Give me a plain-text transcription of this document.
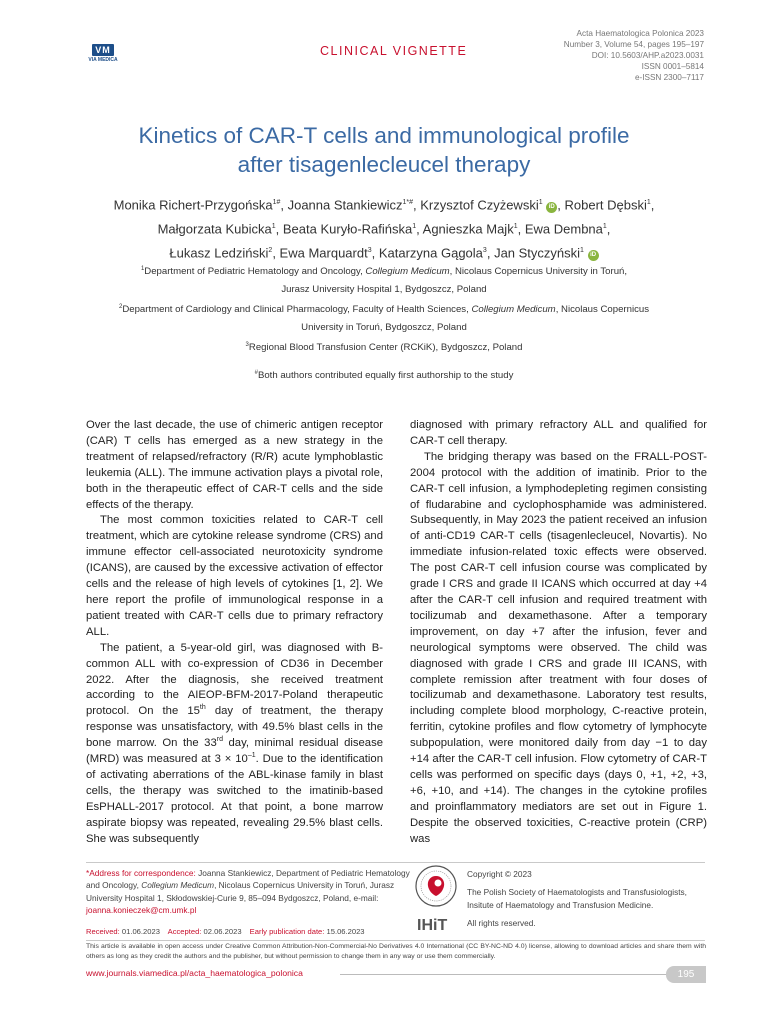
VM
VIA MEDICA
CLINICAL VIGNETTE
Acta Haematologica Polonica 2023
Number 3, Volume 54, pages 195–197
DOI: 10.5603/AHP.a2023.0031
ISSN 0001–5814
e-ISSN 2300–7117
Kinetics of CAR-T cells and immunological profile
after tisagenlecleucel therapy
Monika Richert-Przygońska$^{1\#}$, Joanna Stankiewicz$^{1*\#}$, Krzysztof Czyżewski$^1$ iD , Robert Dębski$^1$,
Małgorzata Kubicka$^1$, Beata Kuryło-Rafińska$^1$, Agnieszka Majk$^1$, Ewa Dembna$^1$,
Łukasz Ledziński$^2$, Ewa Marquardt$^3$, Katarzyna Gągola$^3$, Jan Styczyński$^1$ iD
$^1$Department of Pediatric Hematology and Oncology, Collegium Medicum, Nicolaus Copernicus University in Toruń,
Jurasz University Hospital 1, Bydgoszcz, Poland
$^2$Department of Cardiology and Clinical Pharmacology, Faculty of Health Sciences, Collegium Medicum, Nicolaus Copernicus
University in Toruń, Bydgoszcz, Poland
$^3$Regional Blood Transfusion Center (RCKiK), Bydgoszcz, Poland
#Both authors contributed equally first authorship to the study

Over the last decade, the use of chimeric antigen receptor (CAR) T cells has emerged as a new strategy in the treatment of relapsed/refractory (R/R) acute lymphoblastic leukemia (ALL). The immune activation plays a pivotal role, both in the therapeutic effect of CAR-T cells and the side effects of the therapy.

The most common toxicities related to CAR-T cell treatment, which are cytokine release syndrome (CRS) and immune effector cell-associated neurotoxicity syndrome (ICANS), are caused by the excessive activation of effector cells and the release of high levels of cytokines [1, 2]. We here report the profile of immunological response in a patient treated with CAR-T cells due to primary refractory ALL.

The patient, a 5-year-old girl, was diagnosed with B-common ALL with co-expression of CD36 in December 2022. After the diagnosis, she received treatment according to the AIEOP-BFM-2017-Poland therapeutic protocol. On the 15th day of treatment, the therapy response was unsatisfactory, with 49.5% blast cells in the bone marrow. On the 33rd day, minimal residual disease (MRD) was measured at $3 \times 10^{-1}$. Due to the identification of activating aberrations of the ABL-kinase family in blast cells, the therapy was switched to the imatinib-based EsPHALL-2017 protocol. At that point, a bone marrow aspirate biopsy was repeated, revealing 29.5% blast cells. She was subsequently

diagnosed with primary refractory ALL and qualified for CAR-T cell therapy.

The bridging therapy was based on the FRALL-POST-2004 protocol with the addition of imatinib. Prior to the CAR-T cell infusion, a lymphodepleting regimen consisting of fludarabine and cyclophosphamide was administered. Subsequently, in May 2023 the patient received an infusion of anti-CD19 CAR-T cells (tisagenlecleucel, Novartis). No immediate infusion-related toxic effects were observed. The post CAR-T cell infusion course was complicated by grade I CRS and grade II ICANS which occurred at day +4 after the CAR-T cell infusion and required treatment with tocilizumab and dexamethasone. After a temporary improvement, on day +7 after the infusion, fever and neurological symptoms were observed. The child was diagnosed with grade I CRS and grade III ICANS, with complete remission after treatment with four doses of tocilizumab and dexamethasone. Laboratory test results, including complete blood morphology, C-reactive protein, ferritin, cytokine profiles and flow cytometry of lymphocyte subpopulation, were monitored daily from day −1 to day +14 after the CAR-T cell infusion. Flow cytometry of CAR-T cells was performed on specific days (days 0, +1, +2, +3, +6, +10, and +14). The changes in the cytokine profiles and proinflammatory mediators are set out in Figure 1. Despite the observed toxicities, C-reactive protein (CRP) was

*Address for correspondence: Joanna Stankiewicz, Department of Pediatric Hematology and Oncology, Collegium Medicum, Nicolaus Copernicus University in Toruń, Jurasz University Hospital 1, Skłodowskiej-Curie 9, 85–094 Bydgoszcz, Poland, e-mail: joanna.konieczek@cm.umk.pl
Received: 01.06.2023 Accepted: 02.06.2023 Early publication date: 15.06.2023	IHiT
Copyright © 2023
The Polish Society of Haematologists and Transfusiologists, Insitute of Haematology and Transfusion Medicine.
All rights reserved.
This article is available in open access under Creative Common Attribution-Non-Commercial-No Derivatives 4.0 International (CC BY-NC-ND 4.0) license, allowing to download articles and share them with others as long as they credit the authors and the publisher, but without permission to change them in any way or use them commercially.
www.journals.viamedica.pl/acta_haematologica_polonica	195
